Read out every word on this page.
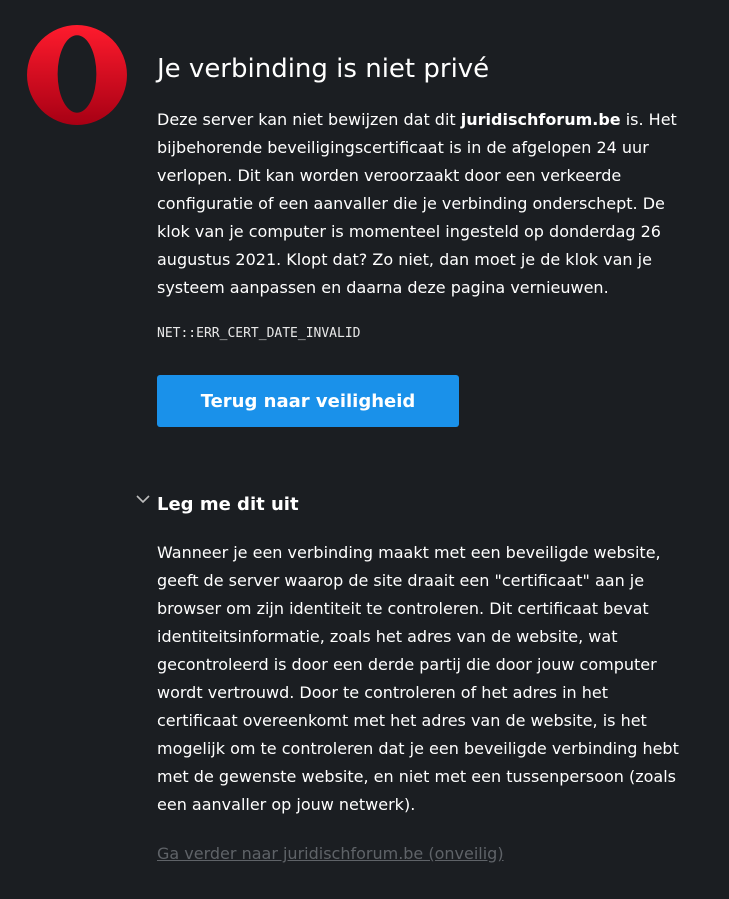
Je verbinding is niet privé

Deze server kan niet bewijzen dat dit juridischforum.be is. Het bijbehorende beveiligingscertificaat is in de afgelopen 24 uur verlopen. Dit kan worden veroorzaakt door een verkeerde configuratie of een aanvaller die je verbinding onderschept. De klok van je computer is momenteel ingesteld op donderdag 26 augustus 2021. Klopt dat? Zo niet, dan moet je de klok van je systeem aanpassen en daarna deze pagina vernieuwen.

NET::ERR_CERT_DATE_INVALID
Terug naar veiligheid
Leg me dit uit

Wanneer je een verbinding maakt met een beveiligde website, geeft de server waarop de site draait een "certificaat" aan je browser om zijn identiteit te controleren. Dit certificaat bevat identiteitsinformatie, zoals het adres van de website, wat gecontroleerd is door een derde partij die door jouw computer wordt vertrouwd. Door te controleren of het adres in het certificaat overeenkomt met het adres van de website, is het mogelijk om te controleren dat je een beveiligde verbinding hebt met de gewenste website, en niet met een tussenpersoon (zoals een aanvaller op jouw netwerk).

Ga verder naar juridischforum.be (onveilig)
